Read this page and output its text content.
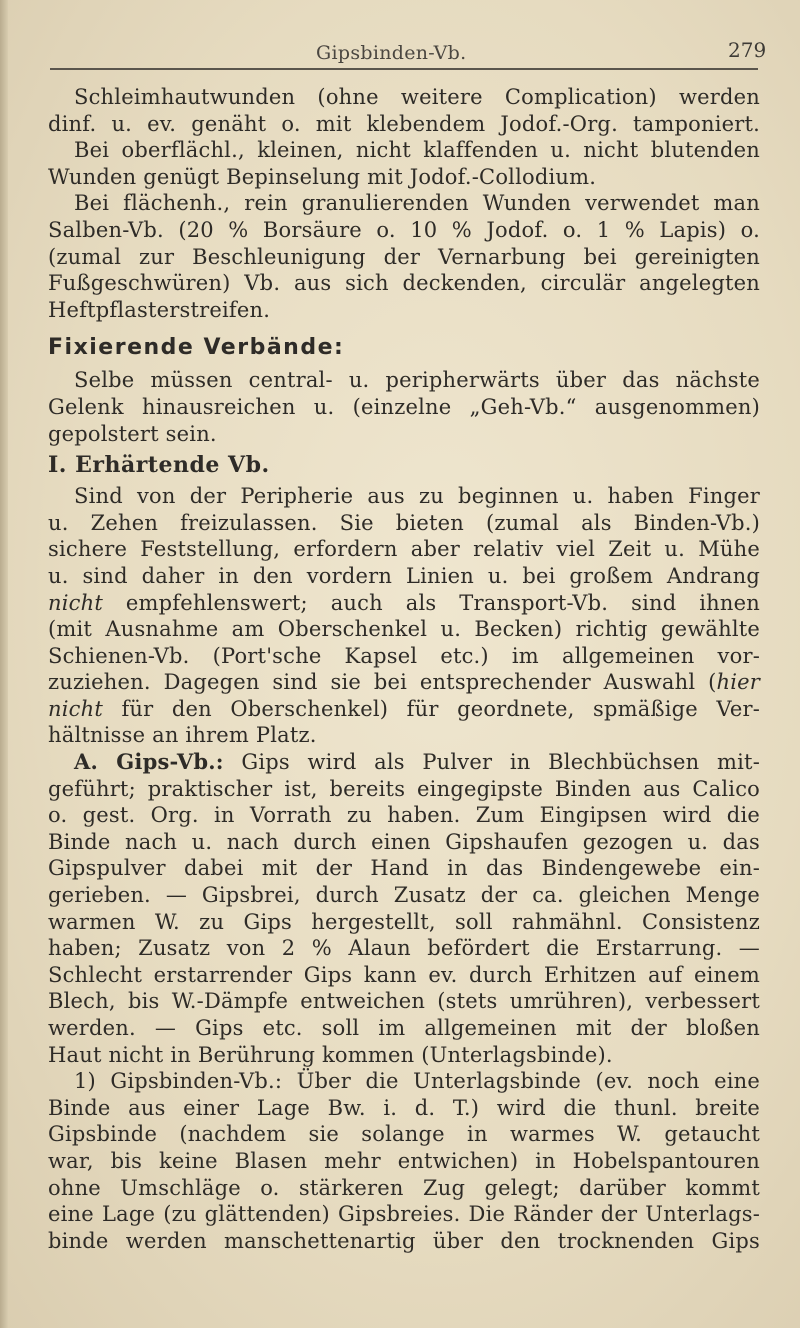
Gipsbinden-Vb.	279
Schleimhautwunden (ohne weitere Complication) werden
dinf. u. ev. genäht o. mit klebendem Jodof.-Org. tamponiert.
Bei oberflächl., kleinen, nicht klaffenden u. nicht blutenden
Wunden genügt Bepinselung mit Jodof.-Collodium.
Bei flächenh., rein granulierenden Wunden verwendet man
Salben-Vb. (20 % Borsäure o. 10 % Jodof. o. 1 % Lapis) o.
(zumal zur Beschleunigung der Vernarbung bei gereinigten
Fußgeschwüren) Vb. aus sich deckenden, circulär angelegten
Heftpflasterstreifen.
Fixierende Verbände:
Selbe müssen central- u. peripherwärts über das nächste
Gelenk hinausreichen u. (einzelne „Geh-Vb.“ ausgenommen)
gepolstert sein.
I. Erhärtende Vb.
Sind von der Peripherie aus zu beginnen u. haben Finger
u. Zehen freizulassen. Sie bieten (zumal als Binden-Vb.)
sichere Feststellung, erfordern aber relativ viel Zeit u. Mühe
u. sind daher in den vordern Linien u. bei großem Andrang
nicht empfehlenswert; auch als Transport-Vb. sind ihnen
(mit Ausnahme am Oberschenkel u. Becken) richtig gewählte
Schienen-Vb. (Port'sche Kapsel etc.) im allgemeinen vor-
zuziehen. Dagegen sind sie bei entsprechender Auswahl (hier
nicht für den Oberschenkel) für geordnete, spmäßige Ver-
hältnisse an ihrem Platz.
A. Gips-Vb.: Gips wird als Pulver in Blechbüchsen mit-
geführt; praktischer ist, bereits eingegipste Binden aus Calico
o. gest. Org. in Vorrath zu haben. Zum Eingipsen wird die
Binde nach u. nach durch einen Gipshaufen gezogen u. das
Gipspulver dabei mit der Hand in das Bindengewebe ein-
gerieben. — Gipsbrei, durch Zusatz der ca. gleichen Menge
warmen W. zu Gips hergestellt, soll rahmähnl. Consistenz
haben; Zusatz von 2 % Alaun befördert die Erstarrung. —
Schlecht erstarrender Gips kann ev. durch Erhitzen auf einem
Blech, bis W.-Dämpfe entweichen (stets umrühren), verbessert
werden. — Gips etc. soll im allgemeinen mit der bloßen
Haut nicht in Berührung kommen (Unterlagsbinde).
1) Gipsbinden-Vb.: Über die Unterlagsbinde (ev. noch eine
Binde aus einer Lage Bw. i. d. T.) wird die thunl. breite
Gipsbinde (nachdem sie solange in warmes W. getaucht
war, bis keine Blasen mehr entwichen) in Hobelspantouren
ohne Umschläge o. stärkeren Zug gelegt; darüber kommt
eine Lage (zu glättenden) Gipsbreies. Die Ränder der Unterlags-
binde werden manschettenartig über den trocknenden Gips
